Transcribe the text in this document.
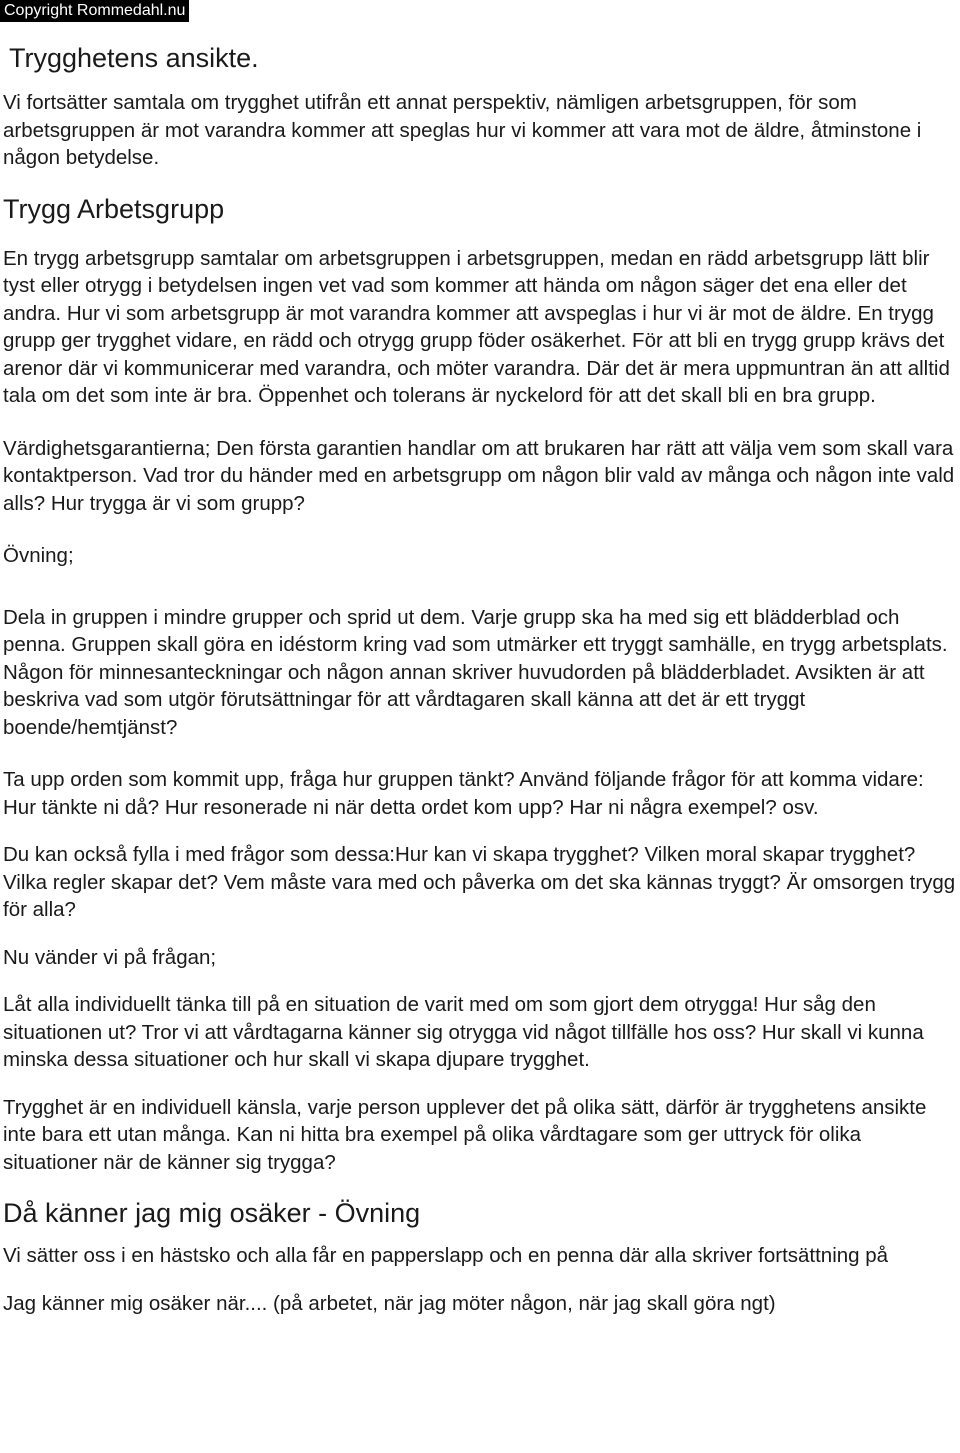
Copyright Rommedahl.nu
Trygghetens ansikte.

Vi fortsätter samtala om trygghet utifrån ett annat perspektiv, nämligen arbetsgruppen, för som arbetsgruppen är mot varandra kommer att speglas hur vi kommer att vara mot de äldre, åtminstone i någon betydelse.

Trygg Arbetsgrupp

En trygg arbetsgrupp samtalar om arbetsgruppen i arbetsgruppen, medan en rädd arbetsgrupp lätt blir tyst eller otrygg i betydelsen ingen vet vad som kommer att hända om någon säger det ena eller det andra. Hur vi som arbetsgrupp är mot varandra kommer att avspeglas i hur vi är mot de äldre. En trygg grupp ger trygghet vidare, en rädd och otrygg grupp föder osäkerhet. För att bli en trygg grupp krävs det arenor där vi kommunicerar med varandra, och möter varandra. Där det är mera uppmuntran än att alltid tala om det som inte är bra. Öppenhet och tolerans är nyckelord för att det skall bli en bra grupp.

Värdighetsgarantierna; Den första garantien handlar om att brukaren har rätt att välja vem som skall vara kontaktperson. Vad tror du händer med en arbetsgrupp om någon blir vald av många och någon inte vald alls? Hur trygga är vi som grupp?

Övning;

Dela in gruppen i mindre grupper och sprid ut dem. Varje grupp ska ha med sig ett blädderblad och penna. Gruppen skall göra en idéstorm kring vad som utmärker ett tryggt samhälle, en trygg arbetsplats. Någon för minnesanteckningar och någon annan skriver huvudorden på blädderbladet. Avsikten är att beskriva vad som utgör förutsättningar för att vårdtagaren skall känna att det är ett tryggt boende/hemtjänst?

Ta upp orden som kommit upp, fråga hur gruppen tänkt? Använd följande frågor för att komma vidare: Hur tänkte ni då? Hur resonerade ni när detta ordet kom upp? Har ni några exempel? osv.

Du kan också fylla i med frågor som dessa:Hur kan vi skapa trygghet? Vilken moral skapar trygghet? Vilka regler skapar det? Vem måste vara med och påverka om det ska kännas tryggt? Är omsorgen trygg för alla?

Nu vänder vi på frågan;

Låt alla individuellt tänka till på en situation de varit med om som gjort dem otrygga! Hur såg den situationen ut? Tror vi att vårdtagarna känner sig otrygga vid något tillfälle hos oss? Hur skall vi kunna minska dessa situationer och hur skall vi skapa djupare trygghet.

Trygghet är en individuell känsla, varje person upplever det på olika sätt, därför är trygghetens ansikte inte bara ett utan många. Kan ni hitta bra exempel på olika vårdtagare som ger uttryck för olika situationer när de känner sig trygga?

Då känner jag mig osäker - Övning

Vi sätter oss i en hästsko och alla får en papperslapp och en penna där alla skriver fortsättning på

Jag känner mig osäker när.... (på arbetet, när jag möter någon, när jag skall göra ngt)
